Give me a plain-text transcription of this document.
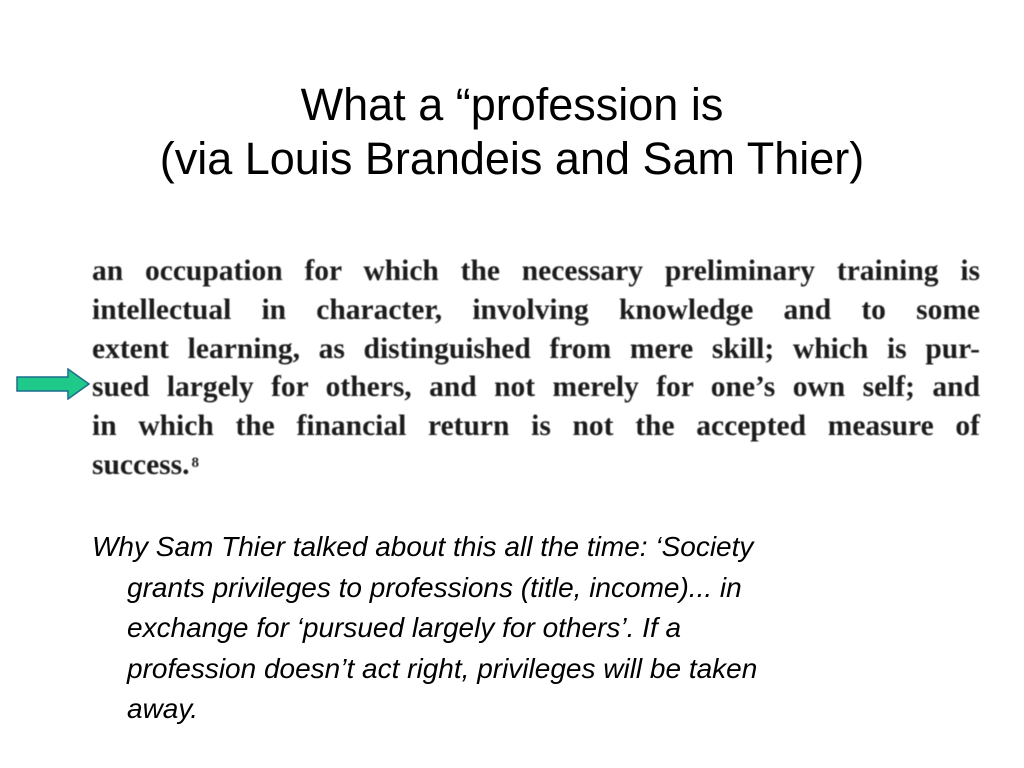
What a “profession is
(via Louis Brandeis and Sam Thier)
an occupation for which the necessary preliminary training is
intellectual in character, involving knowledge and to some
extent learning, as distinguished from mere skill; which is pur-
sued largely for others, and not merely for one’s own self; and
in which the financial return is not the accepted measure of
success. $^8$
Why Sam Thier talked about this all the time: ‘Society
grants privileges to professions (title, income)... in
exchange for ‘pursued largely for others’. If a
profession doesn’t act right, privileges will be taken
away.
